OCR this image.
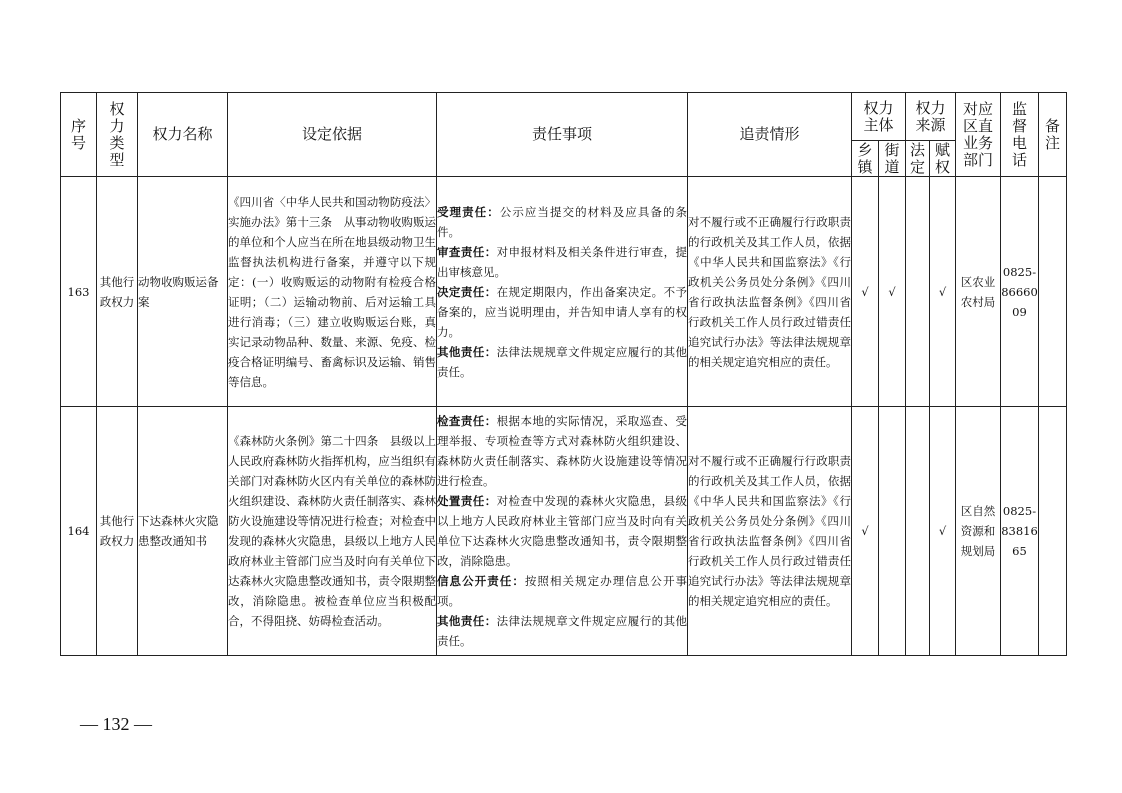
序号	权力类型	权力名称	设定依据	责任事项	追责情形	权力主体		权力来源		对应区直业务部门	监督电话	备注

						乡镇	街道	法定	赋权			

163	其他行政权力	动物收购贩运备案	《四川省〈中华人民共和国动物防疫法〉实施办法》第十三条　从事动物收购贩运的单位和个人应当在所在地县级动物卫生监督执法机构进行备案，并遵守以下规定：(一）收购贩运的动物附有检疫合格证明；（二）运输动物前、后对运输工具进行消毒；（三）建立收购贩运台账，真实记录动物品种、数量、来源、免疫、检疫合格证明编号、畜禽标识及运输、销售等信息。	受理责任：公示应当提交的材料及应具备的条件。
审查责任：对申报材料及相关条件进行审查，提出审核意见。
决定责任：在规定期限内，作出备案决定。不予备案的，应当说明理由，并告知申请人享有的权力。
其他责任：法律法规规章文件规定应履行的其他责任。	对不履行或不正确履行行政职责的行政机关及其工作人员，依据《中华人民共和国监察法》《行政机关公务员处分条例》《四川省行政执法监督条例》《四川省行政机关工作人员行政过错责任追究试行办法》等法律法规规章的相关规定追究相应的责任。	√	√		√	区农业农村局	0825-8666009	
164	其他行政权力	下达森林火灾隐患整改通知书	《森林防火条例》第二十四条　县级以上人民政府森林防火指挥机构，应当组织有关部门对森林防火区内有关单位的森林防火组织建设、森林防火责任制落实、森林防火设施建设等情况进行检查；对检查中发现的森林火灾隐患，县级以上地方人民政府林业主管部门应当及时向有关单位下达森林火灾隐患整改通知书，责令限期整改，消除隐患。被检查单位应当积极配合，不得阻挠、妨碍检查活动。	检查责任：根据本地的实际情况，采取巡查、受理举报、专项检查等方式对森林防火组织建设、森林防火责任制落实、森林防火设施建设等情况进行检查。
处置责任：对检查中发现的森林火灾隐患，县级以上地方人民政府林业主管部门应当及时向有关单位下达森林火灾隐患整改通知书，责令限期整改，消除隐患。
信息公开责任：按照相关规定办理信息公开事项。
其他责任：法律法规规章文件规定应履行的其他责任。	对不履行或不正确履行行政职责的行政机关及其工作人员，依据《中华人民共和国监察法》《行政机关公务员处分条例》《四川省行政执法监督条例》《四川省行政机关工作人员行政过错责任追究试行办法》等法律法规规章的相关规定追究相应的责任。	√			√	区自然资源和规划局	0825-8381665	
— 132 —
